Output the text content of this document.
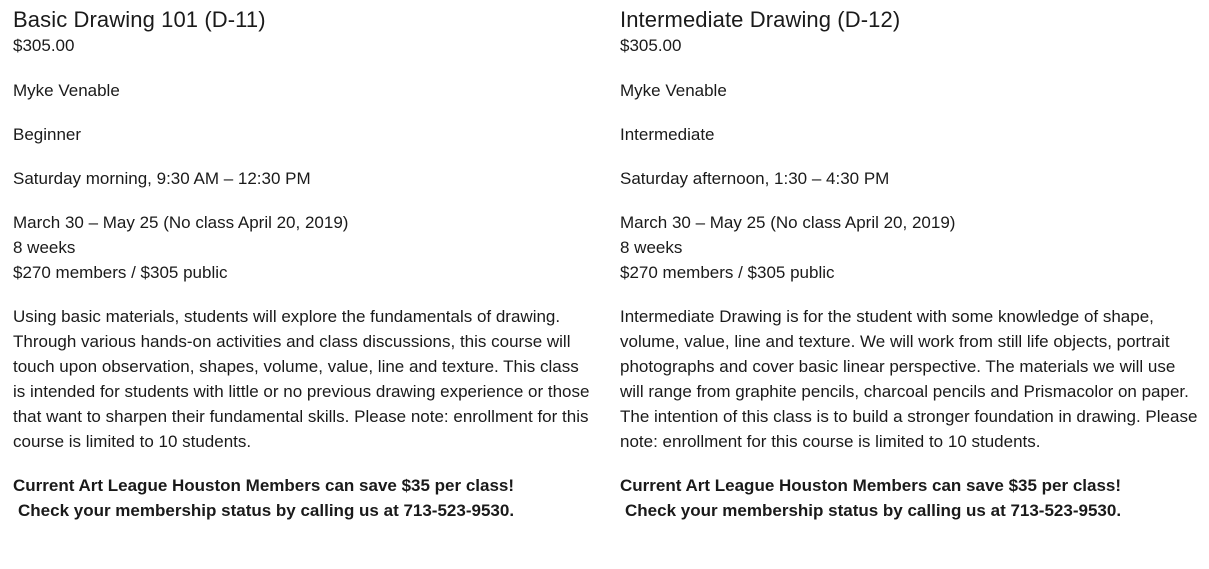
Basic Drawing 101 (D-11)
$305.00
Myke Venable
Beginner
Saturday morning, 9:30 AM – 12:30 PM
March 30 – May 25 (No class April 20, 2019)
8 weeks
$270 members / $305 public
Using basic materials, students will explore the fundamentals of drawing. Through various hands-on activities and class discussions, this course will touch upon observation, shapes, volume, value, line and texture. This class is intended for students with little or no previous drawing experience or those that want to sharpen their fundamental skills. Please note: enrollment for this course is limited to 10 students.
Current Art League Houston Members can save $35 per class!
Check your membership status by calling us at 713-523-9530.
Intermediate Drawing (D-12)
$305.00
Myke Venable
Intermediate
Saturday afternoon, 1:30 – 4:30 PM
March 30 – May 25 (No class April 20, 2019)
8 weeks
$270 members / $305 public
Intermediate Drawing is for the student with some knowledge of shape, volume, value, line and texture. We will work from still life objects, portrait photographs and cover basic linear perspective. The materials we will use will range from graphite pencils, charcoal pencils and Prismacolor on paper. The intention of this class is to build a stronger foundation in drawing. Please note: enrollment for this course is limited to 10 students.
Current Art League Houston Members can save $35 per class!
Check your membership status by calling us at 713-523-9530.
